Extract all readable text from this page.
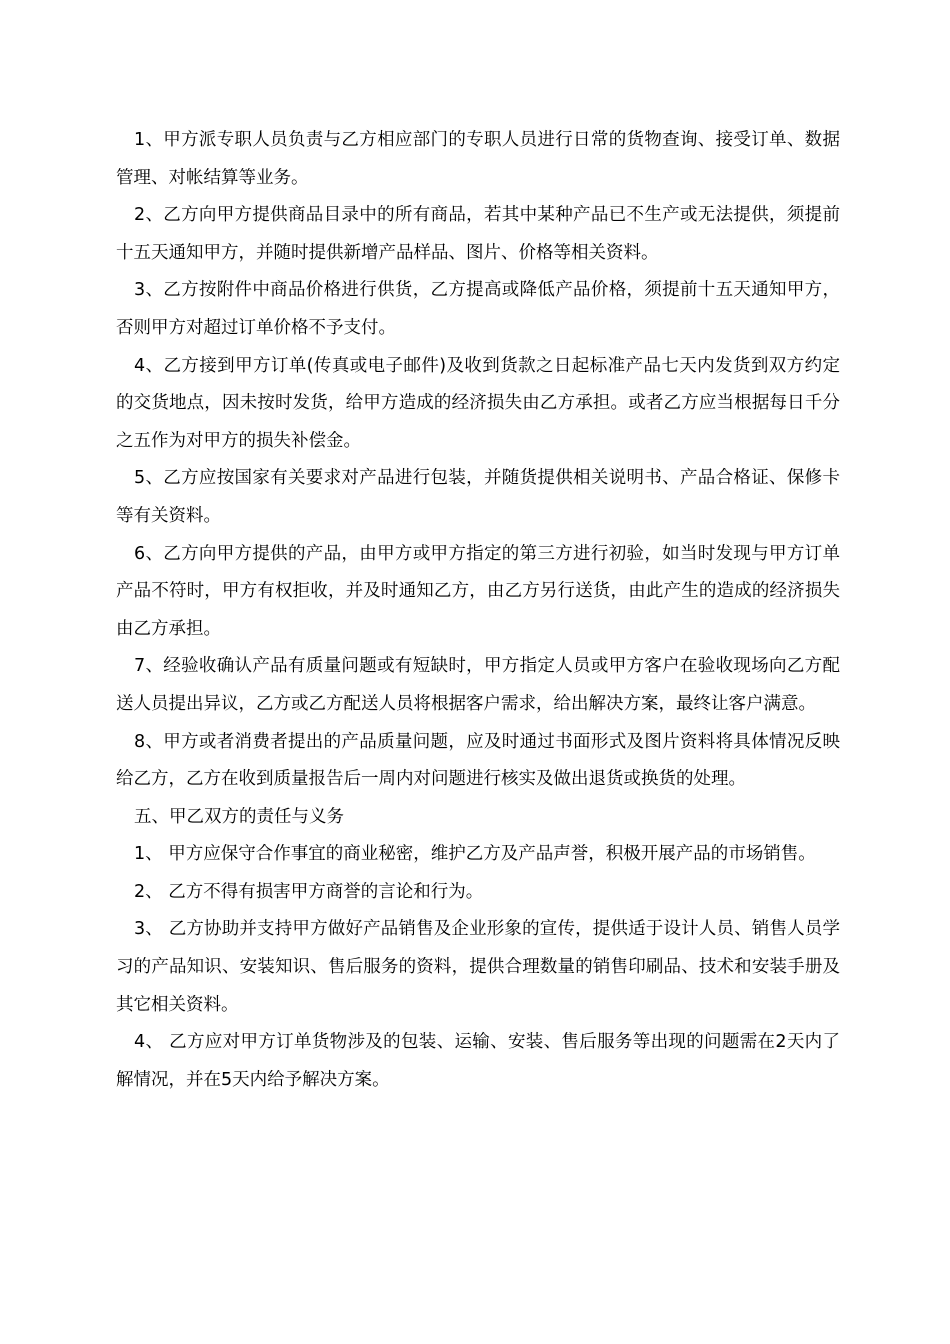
1、甲方派专职人员负责与乙方相应部门的专职人员进行日常的货物查询、接受订单、数据管理、对帐结算等业务。

2、乙方向甲方提供商品目录中的所有商品，若其中某种产品已不生产或无法提供，须提前十五天通知甲方，并随时提供新增产品样品、图片、价格等相关资料。

3、乙方按附件中商品价格进行供货，乙方提高或降低产品价格，须提前十五天通知甲方，否则甲方对超过订单价格不予支付。

4、乙方接到甲方订单(传真或电子邮件)及收到货款之日起标准产品七天内发货到双方约定的交货地点，因未按时发货，给甲方造成的经济损失由乙方承担。或者乙方应当根据每日千分之五作为对甲方的损失补偿金。

5、乙方应按国家有关要求对产品进行包装，并随货提供相关说明书、产品合格证、保修卡等有关资料。

6、乙方向甲方提供的产品，由甲方或甲方指定的第三方进行初验，如当时发现与甲方订单产品不符时，甲方有权拒收，并及时通知乙方，由乙方另行送货，由此产生的造成的经济损失由乙方承担。

7、经验收确认产品有质量问题或有短缺时，甲方指定人员或甲方客户在验收现场向乙方配送人员提出异议，乙方或乙方配送人员将根据客户需求，给出解决方案，最终让客户满意。

8、甲方或者消费者提出的产品质量问题，应及时通过书面形式及图片资料将具体情况反映给乙方，乙方在收到质量报告后一周内对问题进行核实及做出退货或换货的处理。

五、甲乙双方的责任与义务

1、 甲方应保守合作事宜的商业秘密，维护乙方及产品声誉，积极开展产品的市场销售。

2、 乙方不得有损害甲方商誉的言论和行为。

3、 乙方协助并支持甲方做好产品销售及企业形象的宣传，提供适于设计人员、销售人员学习的产品知识、安装知识、售后服务的资料，提供合理数量的销售印刷品、技术和安装手册及其它相关资料。

4、 乙方应对甲方订单货物涉及的包装、运输、安装、售后服务等出现的问题需在2天内了解情况，并在5天内给予解决方案。
